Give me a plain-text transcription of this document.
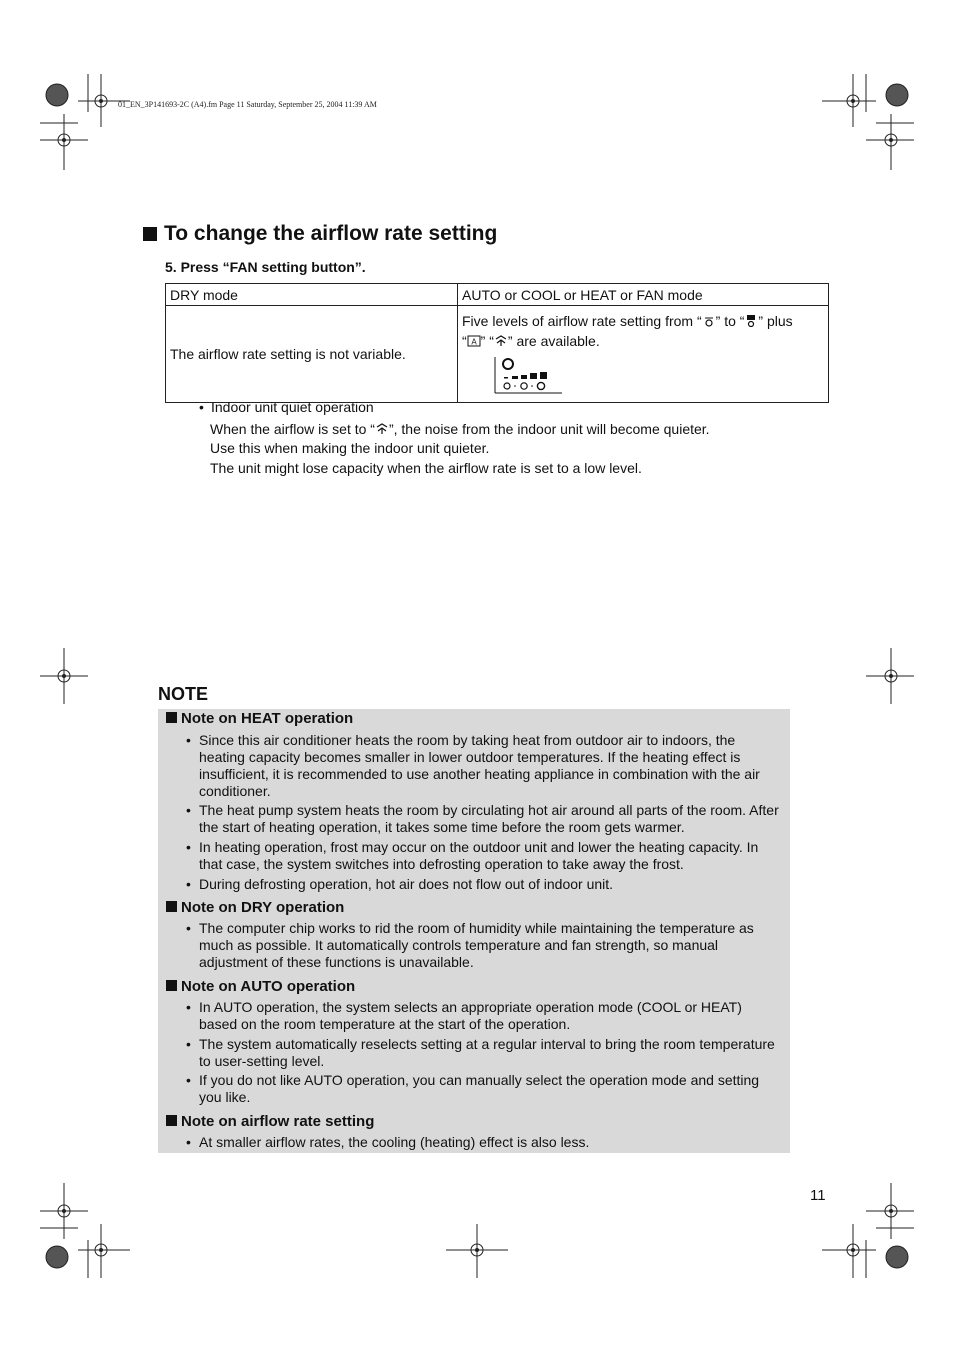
01_EN_3P141693-2C (A4).fm Page 11 Saturday, September 25, 2004 11:39 AM
To change the airflow rate setting
5. Press “FAN setting button”.
DRY mode	AUTO or COOL or HEAT or FAN mode
The airflow rate setting is not variable.	Five levels of airflow rate setting from “ ” to “ ” plus
“ A ” “ ” are available.
• Indoor unit quiet operation
When the airflow is set to “ ”, the noise from the indoor unit will become quieter.
Use this when making the indoor unit quieter.
The unit might lose capacity when the airflow rate is set to a low level.
NOTE
Note on HEAT operation
• Since this air conditioner heats the room by taking heat from outdoor air to indoors, the heating capacity becomes smaller in lower outdoor temperatures. If the heating effect is insufficient, it is recommended to use another heating appliance in combination with the air conditioner.
• The heat pump system heats the room by circulating hot air around all parts of the room. After the start of heating operation, it takes some time before the room gets warmer.
• In heating operation, frost may occur on the outdoor unit and lower the heating capacity. In that case, the system switches into defrosting operation to take away the frost.
• During defrosting operation, hot air does not flow out of indoor unit.
Note on DRY operation
• The computer chip works to rid the room of humidity while maintaining the temperature as much as possible. It automatically controls temperature and fan strength, so manual adjustment of these functions is unavailable.
Note on AUTO operation
• In AUTO operation, the system selects an appropriate operation mode (COOL or HEAT) based on the room temperature at the start of the operation.
• The system automatically reselects setting at a regular interval to bring the room temperature to user-setting level.
• If you do not like AUTO operation, you can manually select the operation mode and setting you like.
Note on airflow rate setting
• At smaller airflow rates, the cooling (heating) effect is also less.
11
